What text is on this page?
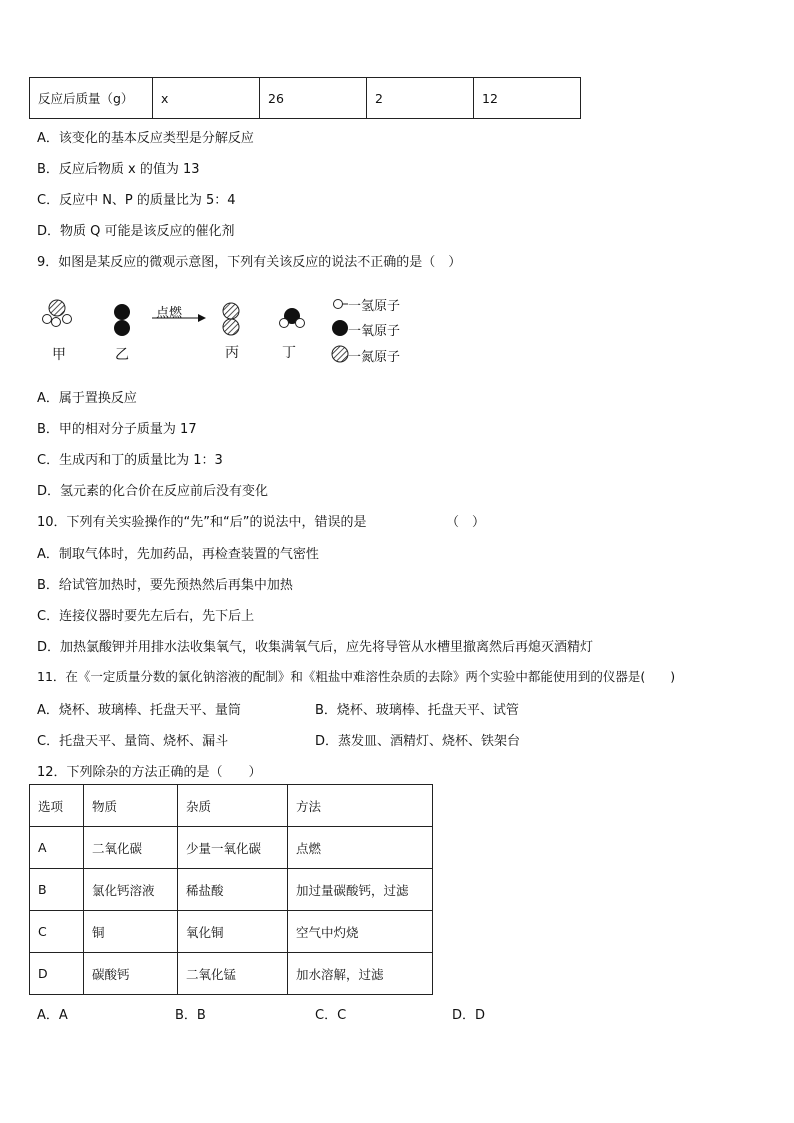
反应后质量（g）	x	26	2	12
A．该变化的基本反应类型是分解反应
B．反应后物质 x 的值为 13
C．反应中 N、P 的质量比为 5：4
D．物质 Q 可能是该反应的催化剂
9．如图是某反应的微观示意图，下列有关该反应的说法不正确的是（　）
点燃
甲	乙	丙	丁
一氢原子
一氧原子
一氮原子
A．属于置换反应
B．甲的相对分子质量为 17
C．生成丙和丁的质量比为 1：3
D．氢元素的化合价在反应前后没有变化
10．下列有关实验操作的“先”和“后”的说法中，错误的是	（　）
A．制取气体时，先加药品，再检查装置的气密性
B．给试管加热时，要先预热然后再集中加热
C．连接仪器时要先左后右，先下后上
D．加热氯酸钾并用排水法收集氧气，收集满氧气后，应先将导管从水槽里撤离然后再熄灭酒精灯
11．在《一定质量分数的氯化钠溶液的配制》和《粗盐中难溶性杂质的去除》两个实验中都能使用到的仪器是(　　)
A．烧杯、玻璃棒、托盘天平、量筒	B．烧杯、玻璃棒、托盘天平、试管
C．托盘天平、量筒、烧杯、漏斗	D．蒸发皿、酒精灯、烧杯、铁架台
12．下列除杂的方法正确的是（　　）
选项	物质	杂质	方法
A	二氧化碳	少量一氧化碳	点燃
B	氯化钙溶液	稀盐酸	加过量碳酸钙，过滤
C	铜	氧化铜	空气中灼烧
D	碳酸钙	二氧化锰	加水溶解，过滤
A．A	B．B	C．C	D．D
